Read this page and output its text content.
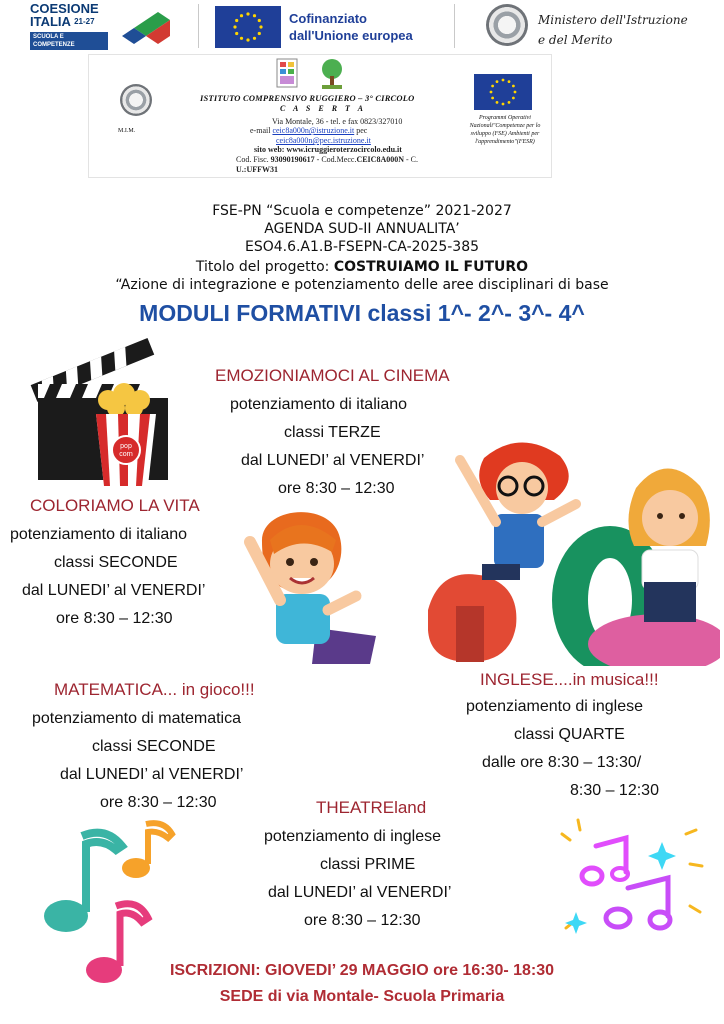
COESIONE
ITALIA $^{21-27}$
SCUOLA E COMPETENZE
Cofinanziato
dall'Unione europea
Ministero dell'Istruzione
e del Merito
M.I.M.
ISTITUTO COMPRENSIVO RUGGIERO – 3° CIRCOLO
C A S E R T A
Via Montale, 36 - tel. e fax 0823/327010
e-mail ceic8a000n@istruzione.it pec
ceic8a000n@pec.istruzione.it
sito web: www.icruggieroterzocircolo.edu.it
Cod. Fisc. 93090190617 - Cod.Mecc.CEIC8A000N - C.
U.:UFFW31
Programmi Operativi Nazionali"Competenze per lo sviluppo (FSE) Ambienti per l'apprendimento"(FESR)
FSE-PN “Scuola e competenze” 2021-2027
AGENDA SUD-II ANNUALITA’
ESO4.6.A1.B-FSEPN-CA-2025-385
Titolo del progetto: COSTRUIAMO IL FUTURO
“Azione di integrazione e potenziamento delle aree disciplinari di base
MODULI FORMATIVI classi 1^- 2^- 3^- 4^
pop
corn
EMOZIONIAMOCI AL CINEMA
potenziamento di italiano
classi TERZE
dal LUNEDI’ al VENERDI’
ore 8:30 – 12:30
COLORIAMO LA VITA
potenziamento di italiano
classi SECONDE
dal LUNEDI’ al VENERDI’
ore 8:30 – 12:30
MATEMATICA... in gioco!!!
potenziamento di matematica
classi SECONDE
dal LUNEDI’ al VENERDI’
ore 8:30 – 12:30
INGLESE....in musica!!!
potenziamento di inglese
classi QUARTE
dalle ore 8:30 – 13:30/
8:30 – 12:30
THEATREland
potenziamento di inglese
classi PRIME
dal LUNEDI’ al VENERDI’
ore 8:30 – 12:30
ISCRIZIONI: GIOVEDI’ 29 MAGGIO ore 16:30- 18:30
SEDE di via Montale- Scuola Primaria
